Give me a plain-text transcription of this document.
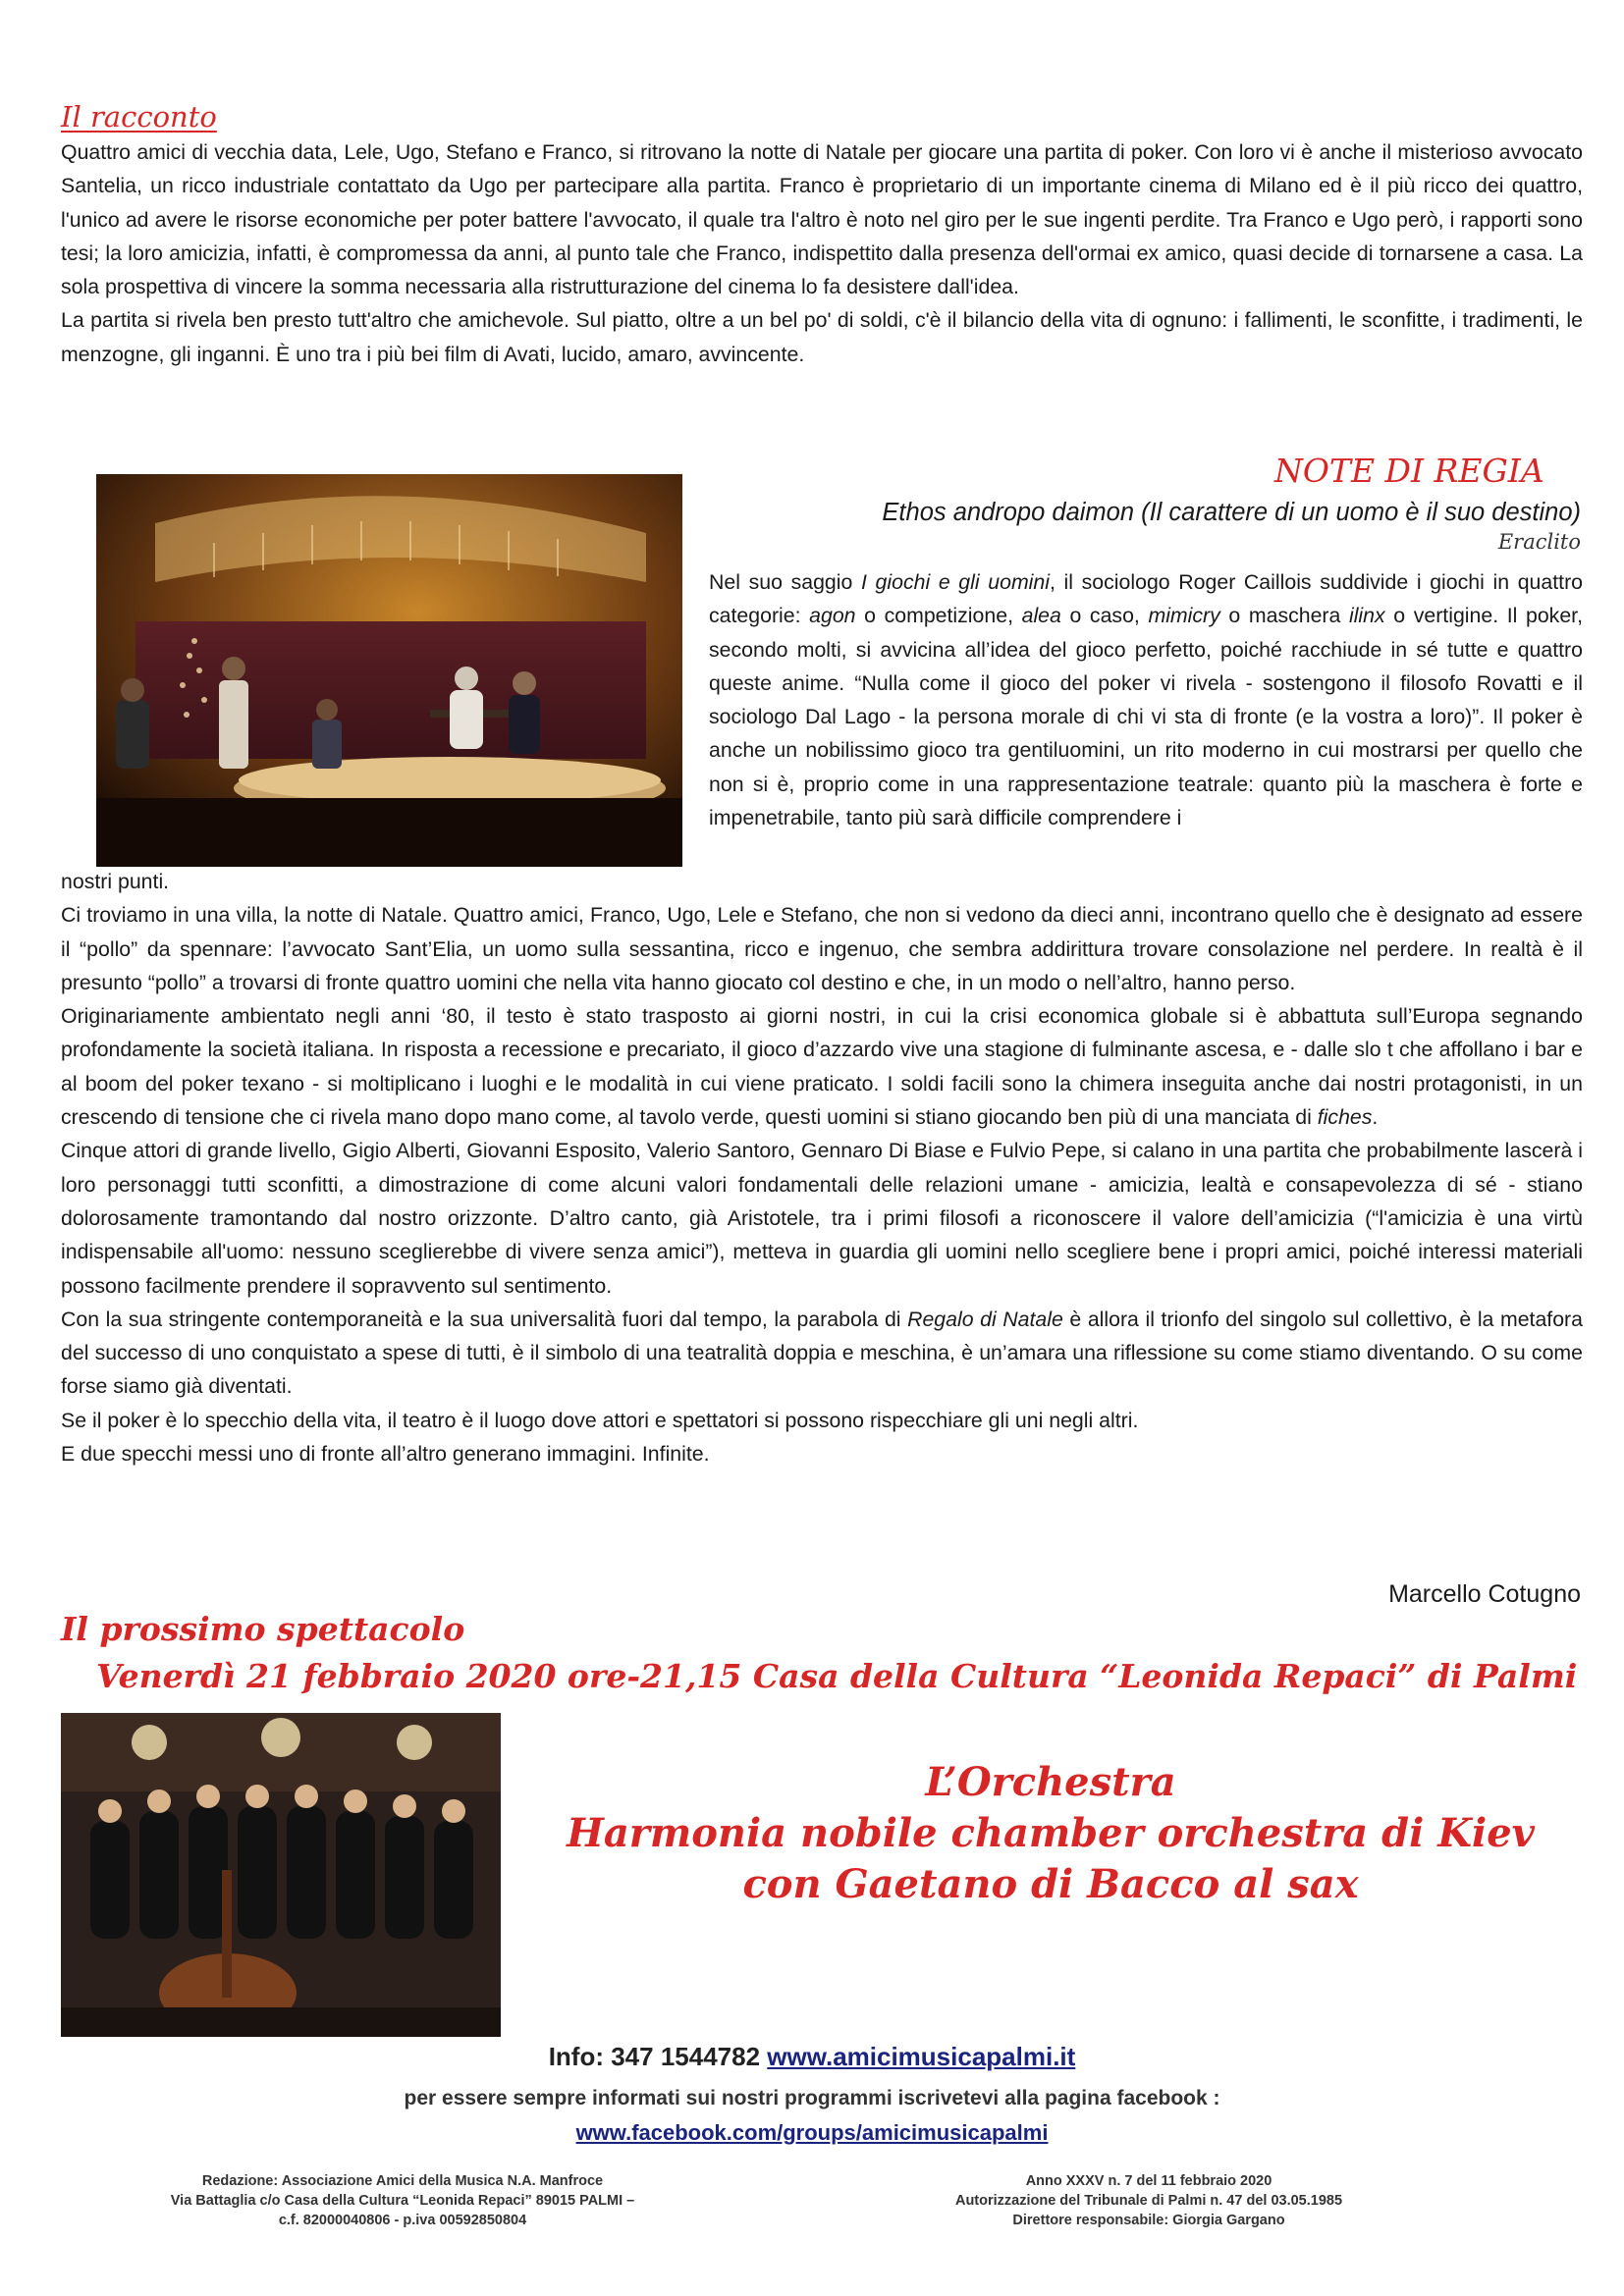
Il racconto

Quattro amici di vecchia data, Lele, Ugo, Stefano e Franco, si ritrovano la notte di Natale per giocare una partita di poker. Con loro vi è anche il misterioso avvocato Santelia, un ricco industriale contattato da Ugo per partecipare alla partita. Franco è proprietario di un importante cinema di Milano ed è il più ricco dei quattro, l'unico ad avere le risorse economiche per poter battere l'avvocato, il quale tra l'altro è noto nel giro per le sue ingenti perdite. Tra Franco e Ugo però, i rapporti sono tesi; la loro amicizia, infatti, è compromessa da anni, al punto tale che Franco, indispettito dalla presenza dell'ormai ex amico, quasi decide di tornarsene a casa. La sola prospettiva di vincere la somma necessaria alla ristrutturazione del cinema lo fa desistere dall'idea.

La partita si rivela ben presto tutt'altro che amichevole. Sul piatto, oltre a un bel po' di soldi, c'è il bilancio della vita di ognuno: i fallimenti, le sconfitte, i tradimenti, le menzogne, gli inganni. È uno tra i più bei film di Avati, lucido, amaro, avvincente.

NOTE DI REGIA
Ethos andropo daimon (Il carattere di un uomo è il suo destino)
Eraclito

Nel suo saggio I giochi e gli uomini, il sociologo Roger Caillois suddivide i giochi in quattro categorie: agon o competizione, alea o caso, mimicry o maschera ilinx o vertigine. Il poker, secondo molti, si avvicina all’idea del gioco perfetto, poiché racchiude in sé tutte e quattro queste anime. “Nulla come il gioco del poker vi rivela - sostengono il filosofo Rovatti e il sociologo Dal Lago - la persona morale di chi vi sta di fronte (e la vostra a loro)”. Il poker è anche un nobilissimo gioco tra gentiluomini, un rito moderno in cui mostrarsi per quello che non si è, proprio come in una rappresentazione teatrale: quanto più la maschera è forte e impenetrabile, tanto più sarà difficile comprendere i

nostri punti.

Ci troviamo in una villa, la notte di Natale. Quattro amici, Franco, Ugo, Lele e Stefano, che non si vedono da dieci anni, incontrano quello che è designato ad essere il “pollo” da spennare: l’avvocato Sant’Elia, un uomo sulla sessantina, ricco e ingenuo, che sembra addirittura trovare consolazione nel perdere. In realtà è il presunto “pollo” a trovarsi di fronte quattro uomini che nella vita hanno giocato col destino e che, in un modo o nell’altro, hanno perso.

Originariamente ambientato negli anni ‘80, il testo è stato trasposto ai giorni nostri, in cui la crisi economica globale si è abbattuta sull’Europa segnando profondamente la società italiana. In risposta a recessione e precariato, il gioco d’azzardo vive una stagione di fulminante ascesa, e - dalle slo t che affollano i bar e al boom del poker texano - si moltiplicano i luoghi e le modalità in cui viene praticato. I soldi facili sono la chimera inseguita anche dai nostri protagonisti, in un crescendo di tensione che ci rivela mano dopo mano come, al tavolo verde, questi uomini si stiano giocando ben più di una manciata di fiches.

Cinque attori di grande livello, Gigio Alberti, Giovanni Esposito, Valerio Santoro, Gennaro Di Biase e Fulvio Pepe, si calano in una partita che probabilmente lascerà i loro personaggi tutti sconfitti, a dimostrazione di come alcuni valori fondamentali delle relazioni umane - amicizia, lealtà e consapevolezza di sé - stiano dolorosamente tramontando dal nostro orizzonte. D’altro canto, già Aristotele, tra i primi filosofi a riconoscere il valore dell’amicizia (“l'amicizia è una virtù indispensabile all'uomo: nessuno sceglierebbe di vivere senza amici”), metteva in guardia gli uomini nello scegliere bene i propri amici, poiché interessi materiali possono facilmente prendere il sopravvento sul sentimento.

Con la sua stringente contemporaneità e la sua universalità fuori dal tempo, la parabola di Regalo di Natale è allora il trionfo del singolo sul collettivo, è la metafora del successo di uno conquistato a spese di tutti, è il simbolo di una teatralità doppia e meschina, è un’amara una riflessione su come stiamo diventando. O su come forse siamo già diventati.

Se il poker è lo specchio della vita, il teatro è il luogo dove attori e spettatori si possono rispecchiare gli uni negli altri.

E due specchi messi uno di fronte all’altro generano immagini. Infinite.

Marcello Cotugno
Il prossimo spettacolo
Venerdì 21 febbraio 2020 ore-21,15 Casa della Cultura “Leonida Repaci” di Palmi
L’Orchestra
Harmonia nobile chamber orchestra di Kiev
con Gaetano di Bacco al sax
Info: 347 1544782 www.amicimusicapalmi.it
per essere sempre informati sui nostri programmi iscrivetevi alla pagina facebook :
www.facebook.com/groups/amicimusicapalmi
Redazione: Associazione Amici della Musica N.A. Manfroce
Via Battaglia c/o Casa della Cultura “Leonida Repaci” 89015 PALMI –
c.f. 82000040806 - p.iva 00592850804
Anno XXXV n. 7 del 11 febbraio 2020
Autorizzazione del Tribunale di Palmi n. 47 del 03.05.1985
Direttore responsabile: Giorgia Gargano
